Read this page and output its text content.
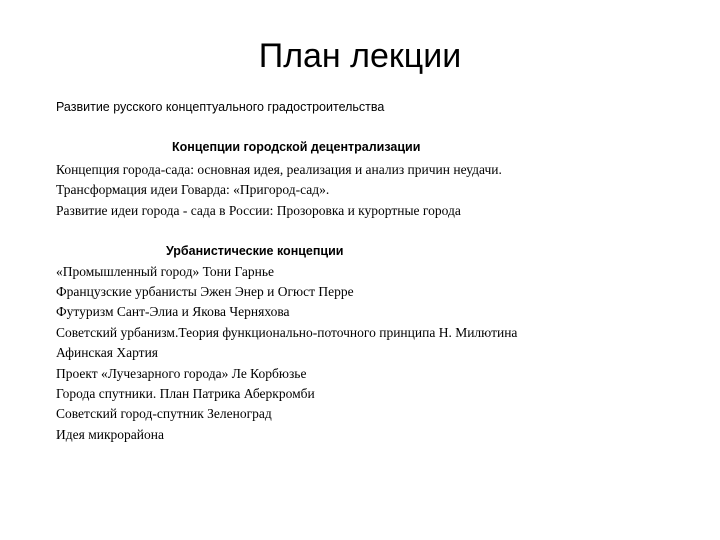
План лекции
Развитие русского концептуального градостроительства
Концепции городской децентрализации
Концепция города-сада: основная идея, реализация и анализ причин неудачи.
Трансформация идеи Говарда: «Пригород-сад».
Развитие идеи города - сада в России: Прозоровка и курортные города
Урбанистические концепции
«Промышленный город» Тони Гарнье
Французские урбанисты Эжен Энер и Огюст Перре
Футуризм Сант-Элиа и Якова Черняхова
Советский урбанизм.Теория функционально-поточного принципа Н. Милютина
Афинская Хартия
Проект «Лучезарного города» Ле Корбюзье
Города спутники. План Патрика Аберкромби
Советский город-спутник Зеленоград
Идея микрорайона
